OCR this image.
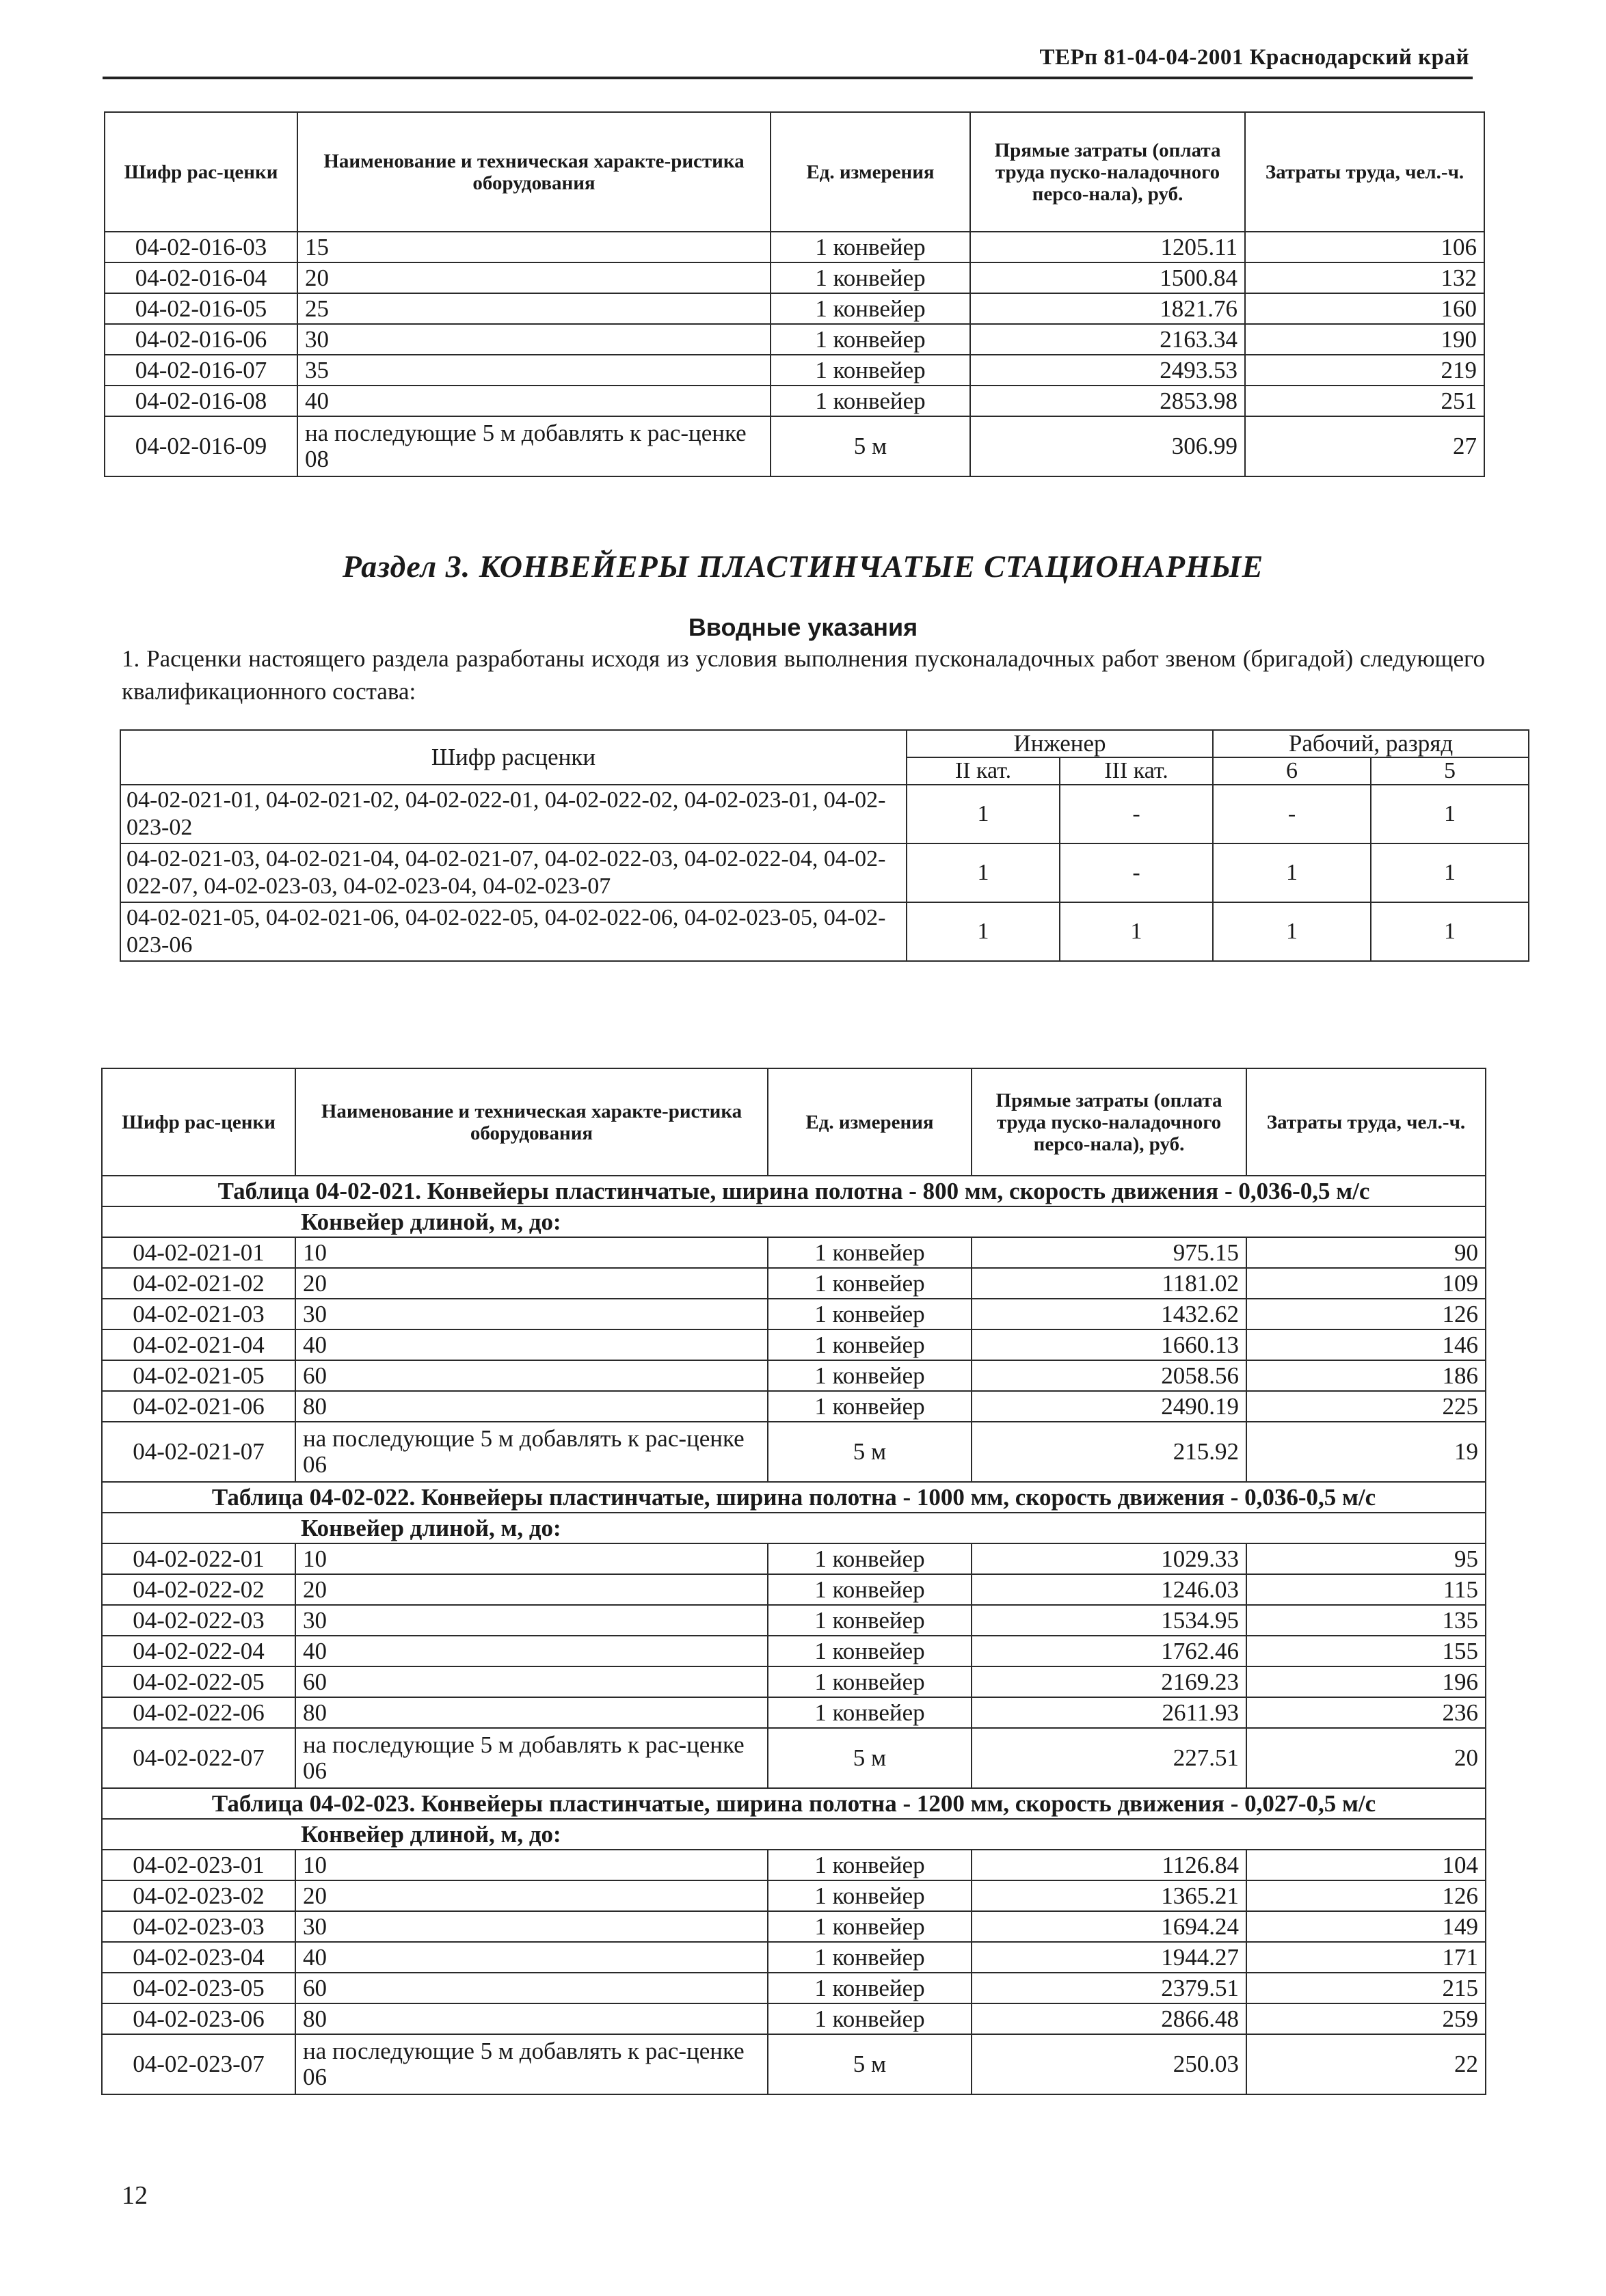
ТЕРп 81-04-04-2001 Краснодарский край
Шифр рас-ценки	Наименование и техническая характе-ристика оборудования	Ед. измерения	Прямые затраты (оплата труда пуско-наладочного персо-нала), руб.	Затраты труда, чел.-ч.
04-02-016-03	15	1 конвейер	1205.11	106
04-02-016-04	20	1 конвейер	1500.84	132
04-02-016-05	25	1 конвейер	1821.76	160
04-02-016-06	30	1 конвейер	2163.34	190
04-02-016-07	35	1 конвейер	2493.53	219
04-02-016-08	40	1 конвейер	2853.98	251
04-02-016-09	на последующие 5 м добавлять к рас-ценке 08	5 м	306.99	27
Раздел 3. КОНВЕЙЕРЫ ПЛАСТИНЧАТЫЕ СТАЦИОНАРНЫЕ
Вводные указания
1. Расценки настоящего раздела разработаны исходя из условия выполнения пусконаладочных работ звеном (бригадой) следующего квалификационного состава:
Шифр расценки	Инженер		Рабочий, разряд	
	II кат.	III кат.	6	5
04-02-021-01, 04-02-021-02, 04-02-022-01, 04-02-022-02, 04-02-023-01, 04-02-023-02	1	-	-	1
04-02-021-03, 04-02-021-04, 04-02-021-07, 04-02-022-03, 04-02-022-04, 04-02-022-07, 04-02-023-03, 04-02-023-04, 04-02-023-07	1	-	1	1
04-02-021-05, 04-02-021-06, 04-02-022-05, 04-02-022-06, 04-02-023-05, 04-02-023-06	1	1	1	1
Шифр рас-ценки	Наименование и техническая характе-ристика оборудования	Ед. измерения	Прямые затраты (оплата труда пуско-наладочного персо-нала), руб.	Затраты труда, чел.-ч.
Таблица 04-02-021. Конвейеры пластинчатые, ширина полотна - 800 мм, скорость движения - 0,036-0,5 м/с				
Конвейер длиной, м, до:				
04-02-021-01	10	1 конвейер	975.15	90
04-02-021-02	20	1 конвейер	1181.02	109
04-02-021-03	30	1 конвейер	1432.62	126
04-02-021-04	40	1 конвейер	1660.13	146
04-02-021-05	60	1 конвейер	2058.56	186
04-02-021-06	80	1 конвейер	2490.19	225
04-02-021-07	на последующие 5 м добавлять к рас-ценке 06	5 м	215.92	19
Таблица 04-02-022. Конвейеры пластинчатые, ширина полотна - 1000 мм, скорость движения - 0,036-0,5 м/с				
Конвейер длиной, м, до:				
04-02-022-01	10	1 конвейер	1029.33	95
04-02-022-02	20	1 конвейер	1246.03	115
04-02-022-03	30	1 конвейер	1534.95	135
04-02-022-04	40	1 конвейер	1762.46	155
04-02-022-05	60	1 конвейер	2169.23	196
04-02-022-06	80	1 конвейер	2611.93	236
04-02-022-07	на последующие 5 м добавлять к рас-ценке 06	5 м	227.51	20
Таблица 04-02-023. Конвейеры пластинчатые, ширина полотна - 1200 мм, скорость движения - 0,027-0,5 м/с				
Конвейер длиной, м, до:				
04-02-023-01	10	1 конвейер	1126.84	104
04-02-023-02	20	1 конвейер	1365.21	126
04-02-023-03	30	1 конвейер	1694.24	149
04-02-023-04	40	1 конвейер	1944.27	171
04-02-023-05	60	1 конвейер	2379.51	215
04-02-023-06	80	1 конвейер	2866.48	259
04-02-023-07	на последующие 5 м добавлять к рас-ценке 06	5 м	250.03	22
12
